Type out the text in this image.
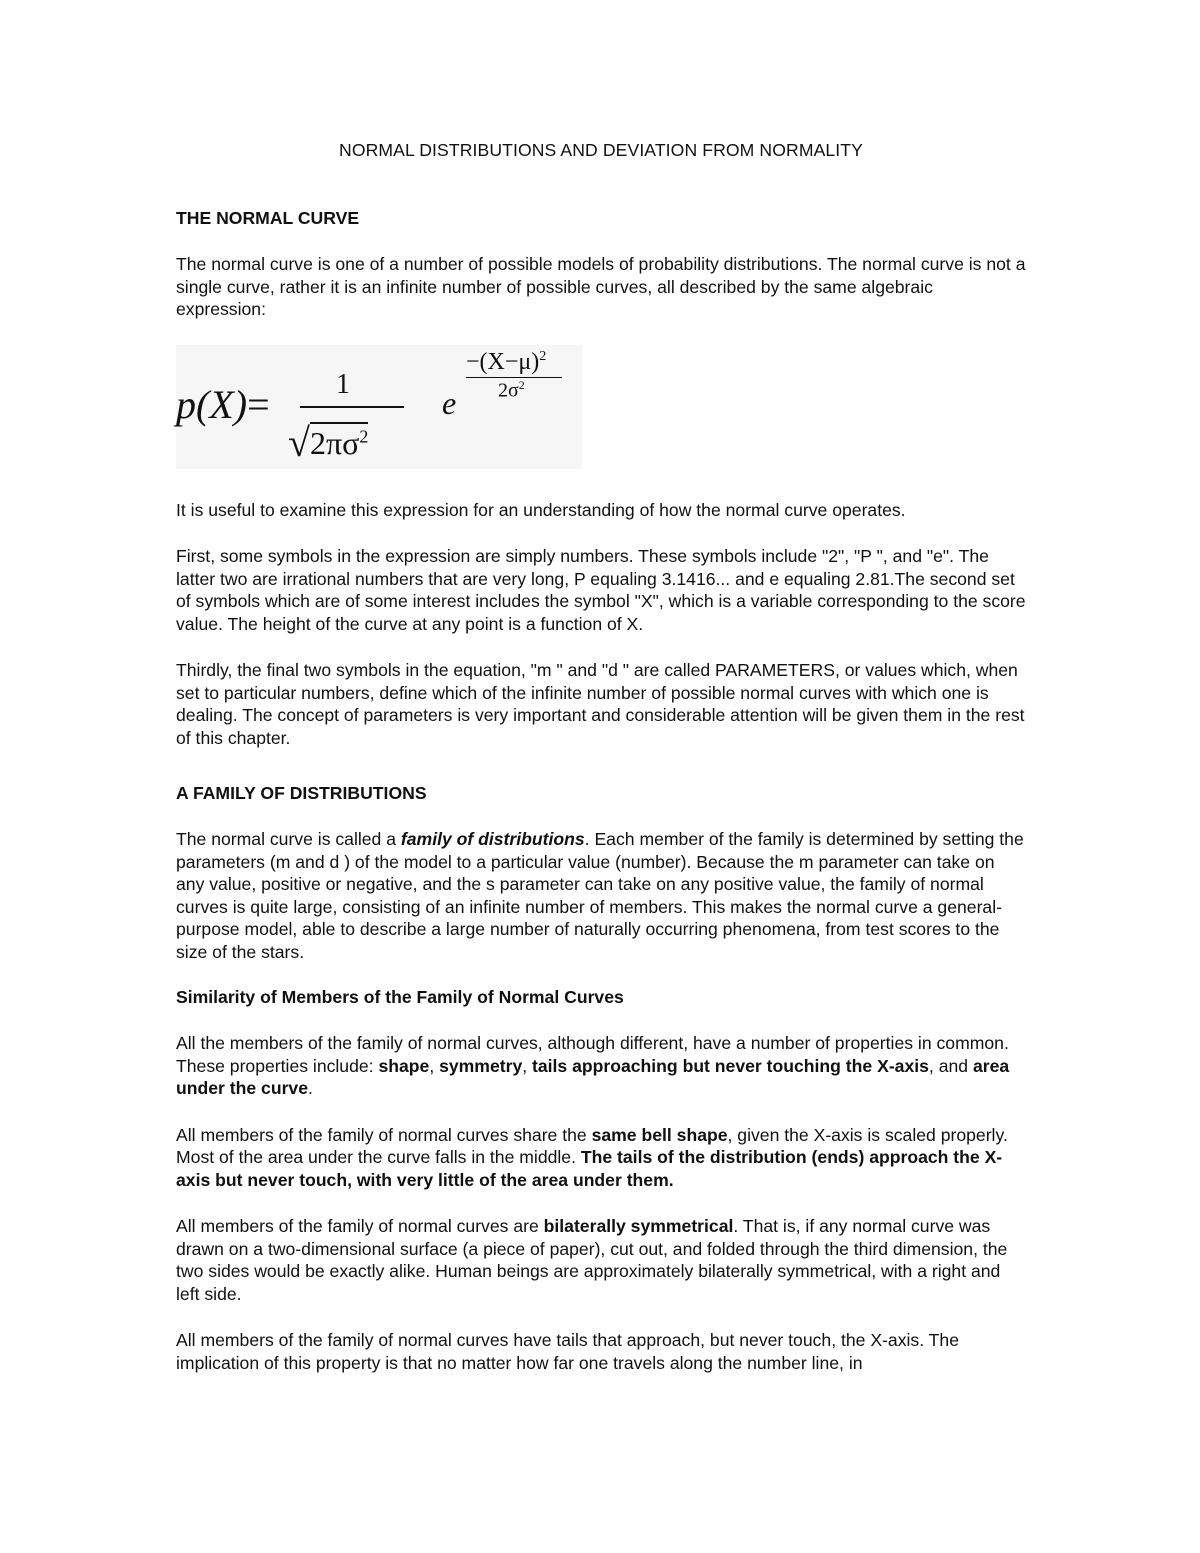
NORMAL DISTRIBUTIONS AND DEVIATION FROM NORMALITY
THE NORMAL CURVE

The normal curve is one of a number of possible models of probability distributions. The normal curve is not a single curve, rather it is an infinite number of possible curves, all described by the same algebraic expression:

p(X)= 1
$√2\pi\sigma^2$
e
$-(X-\mu)^2$
$2\sigma^2$

It is useful to examine this expression for an understanding of how the normal curve operates.

First, some symbols in the expression are simply numbers. These symbols include "2", "P ", and "e". The latter two are irrational numbers that are very long, P equaling 3.1416... and e equaling 2.81.The second set of symbols which are of some interest includes the symbol "X", which is a variable corresponding to the score value. The height of the curve at any point is a function of X.

Thirdly, the final two symbols in the equation, "m " and "d " are called PARAMETERS, or values which, when set to particular numbers, define which of the infinite number of possible normal curves with which one is dealing. The concept of parameters is very important and considerable attention will be given them in the rest of this chapter.

A FAMILY OF DISTRIBUTIONS

The normal curve is called a family of distributions. Each member of the family is determined by setting the parameters (m and d ) of the model to a particular value (number). Because the m parameter can take on any value, positive or negative, and the s parameter can take on any positive value, the family of normal curves is quite large, consisting of an infinite number of members. This makes the normal curve a general-purpose model, able to describe a large number of naturally occurring phenomena, from test scores to the size of the stars.

Similarity of Members of the Family of Normal Curves

All the members of the family of normal curves, although different, have a number of properties in common. These properties include: shape, symmetry, tails approaching but never touching the X-axis, and area under the curve.

All members of the family of normal curves share the same bell shape, given the X-axis is scaled properly. Most of the area under the curve falls in the middle. The tails of the distribution (ends) approach the X-axis but never touch, with very little of the area under them.

All members of the family of normal curves are bilaterally symmetrical. That is, if any normal curve was drawn on a two-dimensional surface (a piece of paper), cut out, and folded through the third dimension, the two sides would be exactly alike. Human beings are approximately bilaterally symmetrical, with a right and left side.

All members of the family of normal curves have tails that approach, but never touch, the X-axis. The implication of this property is that no matter how far one travels along the number line, in
